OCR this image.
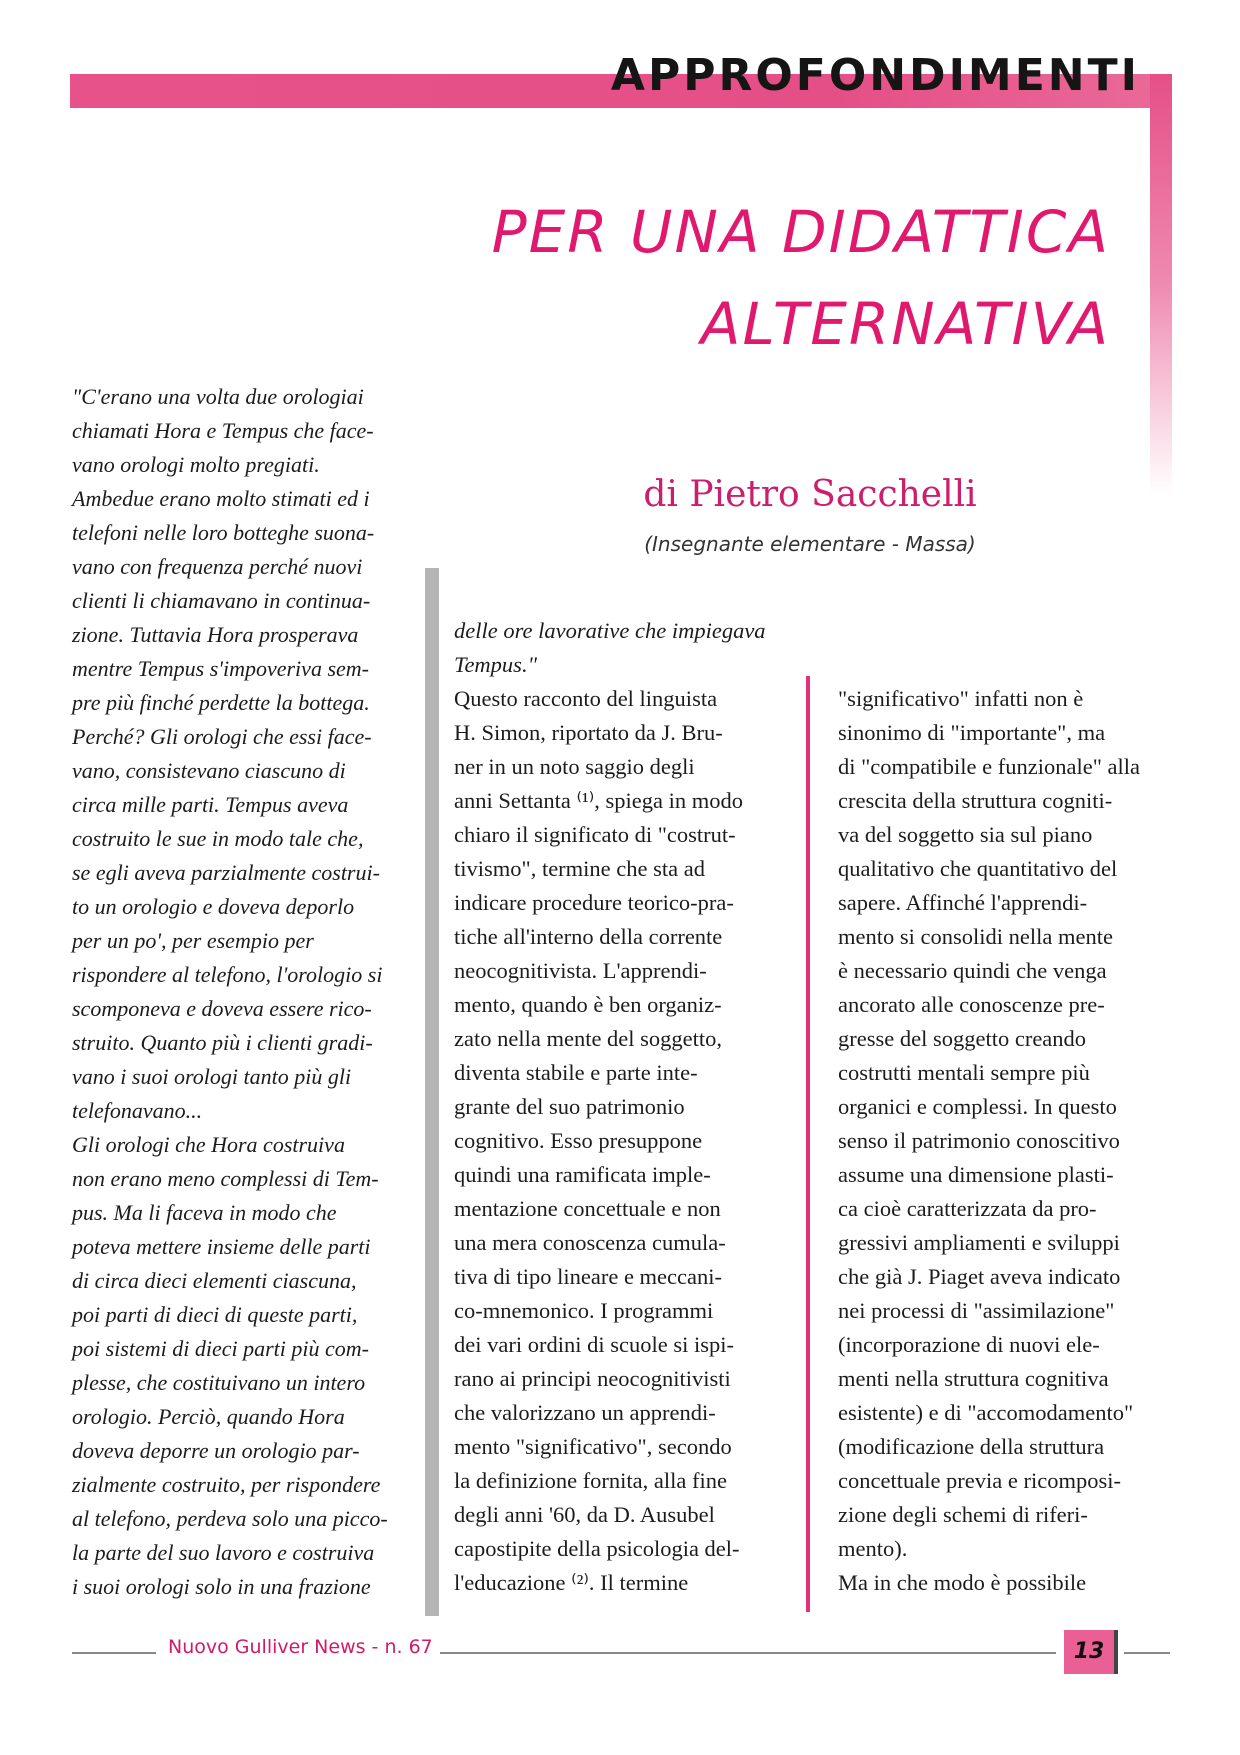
APPROFONDIMENTI
PER UNA DIDATTICA
ALTERNATIVA
di Pietro Sacchelli
(Insegnante elementare - Massa)

"C'erano una volta due orologiai

chiamati Hora e Tempus che face-

vano orologi molto pregiati.

Ambedue erano molto stimati ed i

telefoni nelle loro botteghe suona-

vano con frequenza perché nuovi

clienti li chiamavano in continua-

zione. Tuttavia Hora prosperava

mentre Tempus s'impoveriva sem-

pre più finché perdette la bottega.

Perché? Gli orologi che essi face-

vano, consistevano ciascuno di

circa mille parti. Tempus aveva

costruito le sue in modo tale che,

se egli aveva parzialmente costrui-

to un orologio e doveva deporlo

per un po', per esempio per

rispondere al telefono, l'orologio si

scomponeva e doveva essere rico-

struito. Quanto più i clienti gradi-

vano i suoi orologi tanto più gli

telefonavano...

Gli orologi che Hora costruiva

non erano meno complessi di Tem-

pus. Ma li faceva in modo che

poteva mettere insieme delle parti

di circa dieci elementi ciascuna,

poi parti di dieci di queste parti,

poi sistemi di dieci parti più com-

plesse, che costituivano un intero

orologio. Perciò, quando Hora

doveva deporre un orologio par-

zialmente costruito, per rispondere

al telefono, perdeva solo una picco-

la parte del suo lavoro e costruiva

i suoi orologi solo in una frazione

delle ore lavorative che impiegava

Tempus."

Questo racconto del linguista

H. Simon, riportato da J. Bru-

ner in un noto saggio degli

anni Settanta ⁽¹⁾, spiega in modo

chiaro il significato di "costrut-

tivismo", termine che sta ad

indicare procedure teorico-pra-

tiche all'interno della corrente

neocognitivista. L'apprendi-

mento, quando è ben organiz-

zato nella mente del soggetto,

diventa stabile e parte inte-

grante del suo patrimonio

cognitivo. Esso presuppone

quindi una ramificata imple-

mentazione concettuale e non

una mera conoscenza cumula-

tiva di tipo lineare e meccani-

co-mnemonico. I programmi

dei vari ordini di scuole si ispi-

rano ai principi neocognitivisti

che valorizzano un apprendi-

mento "significativo", secondo

la definizione fornita, alla fine

degli anni '60, da D. Ausubel

capostipite della psicologia del-

l'educazione ⁽²⁾. Il termine

"significativo" infatti non è

sinonimo di "importante", ma

di "compatibile e funzionale" alla

crescita della struttura cogniti-

va del soggetto sia sul piano

qualitativo che quantitativo del

sapere. Affinché l'apprendi-

mento si consolidi nella mente

è necessario quindi che venga

ancorato alle conoscenze pre-

gresse del soggetto creando

costrutti mentali sempre più

organici e complessi. In questo

senso il patrimonio conoscitivo

assume una dimensione plasti-

ca cioè caratterizzata da pro-

gressivi ampliamenti e sviluppi

che già J. Piaget aveva indicato

nei processi di "assimilazione"

(incorporazione di nuovi ele-

menti nella struttura cognitiva

esistente) e di "accomodamento"

(modificazione della struttura

concettuale previa e ricomposi-

zione degli schemi di riferi-

mento).

Ma in che modo è possibile

Nuovo Gulliver News - n. 67	13
